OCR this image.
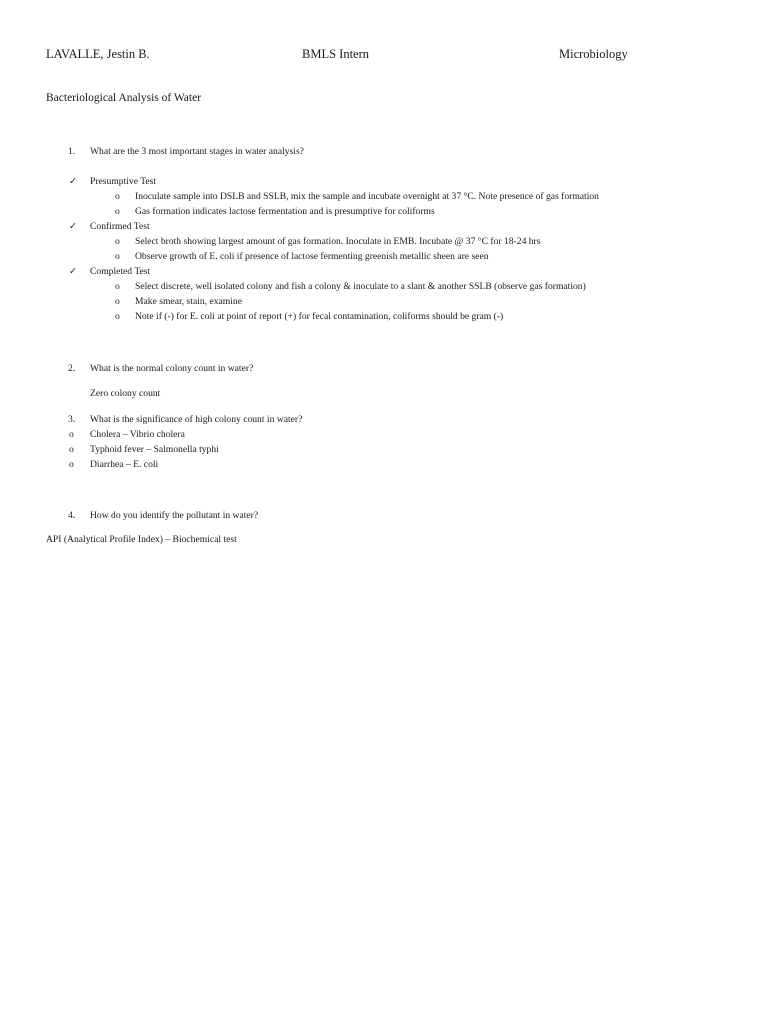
LAVALLE, Jestin B.	BMLS Intern	Microbiology
Bacteriological Analysis of Water
1. What are the 3 most important stages in water analysis?
✓ Presumptive Test
o Inoculate sample into DSLB and SSLB, mix the sample and incubate overnight at 37 °C. Note presence of gas formation
o Gas formation indicates lactose fermentation and is presumptive for coliforms
✓ Confirmed Test
o Select broth showing largest amount of gas formation. Inoculate in EMB. Incubate @ 37 °C for 18-24 hrs
o Observe growth of E. coli if presence of lactose fermenting greenish metallic sheen are seen
✓ Completed Test
o Select discrete, well isolated colony and fish a colony & inoculate to a slant & another SSLB (observe gas formation)
o Make smear, stain, examine
o Note if (-) for E. coli at point of report (+) for fecal contamination, coliforms should be gram (-)
2. What is the normal colony count in water?
Zero colony count
3. What is the significance of high colony count in water?
o Cholera – Vibrio cholera
o Typhoid fever – Salmonella typhi
o Diarrhea – E. coli
4. How do you identify the pollutant in water?
API (Analytical Profile Index) – Biochemical test
